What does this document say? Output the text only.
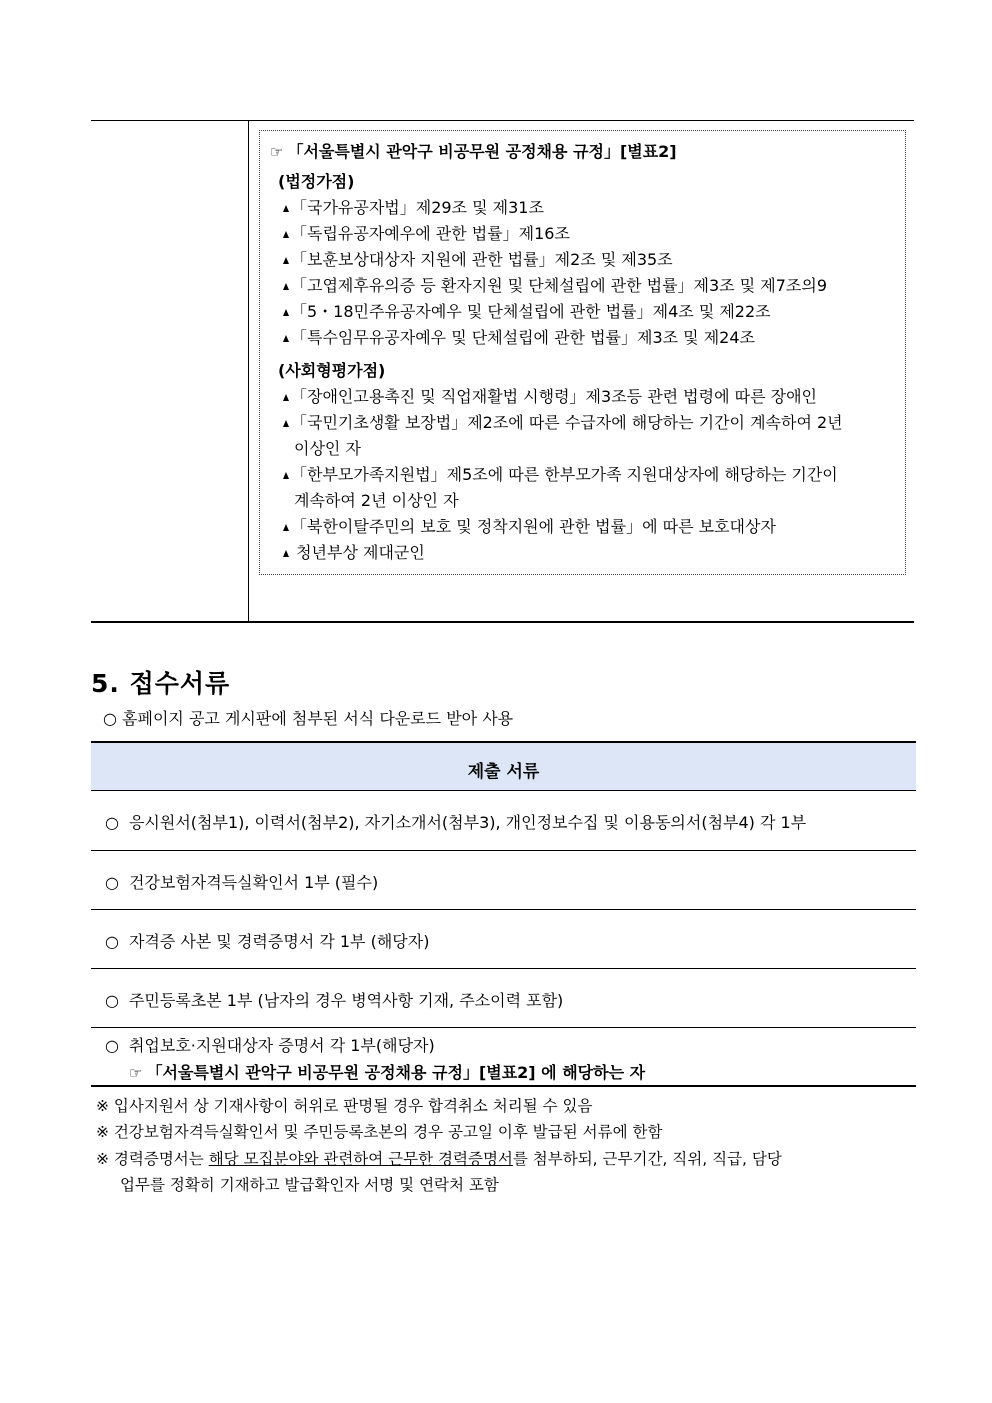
☞ 「서울특별시 관악구 비공무원 공정채용 규정」[별표2]
(법정가점)
「국가유공자법」제29조 및 제31조
「독립유공자예우에 관한 법률」제16조
「보훈보상대상자 지원에 관한 법률」제2조 및 제35조
「고엽제후유의증 등 환자지원 및 단체설립에 관한 법률」제3조 및 제7조의9
「5・18민주유공자예우 및 단체설립에 관한 법률」제4조 및 제22조
「특수임무유공자예우 및 단체설립에 관한 법률」제3조 및 제24조
(사회형평가점)
「장애인고용촉진 및 직업재활법 시행령」제3조등 관련 법령에 따른 장애인
「국민기초생활 보장법」제2조에 따른 수급자에 해당하는 기간이 계속하여 2년
이상인 자
「한부모가족지원법」제5조에 따른 한부모가족 지원대상자에 해당하는 기간이
계속하여 2년 이상인 자
「북한이탈주민의 보호 및 정착지원에 관한 법률」에 따른 보호대상자
청년부상 제대군인
5. 접수서류
○ 홈페이지 공고 게시판에 첨부된 서식 다운로드 받아 사용
제출 서류
○ 응시원서(첨부1), 이력서(첨부2), 자기소개서(첨부3), 개인정보수집 및 이용동의서(첨부4) 각 1부
○ 건강보험자격득실확인서 1부 (필수)
○ 자격증 사본 및 경력증명서 각 1부 (해당자)
○ 주민등록초본 1부 (남자의 경우 병역사항 기재, 주소이력 포함)
○ 취업보호·지원대상자 증명서 각 1부(해당자)
☞ 「서울특별시 관악구 비공무원 공정채용 규정」[별표2] 에 해당하는 자
※ 입사지원서 상 기재사항이 허위로 판명될 경우 합격취소 처리될 수 있음
※ 건강보험자격득실확인서 및 주민등록초본의 경우 공고일 이후 발급된 서류에 한함
※ 경력증명서는 해당 모집분야와 관련하여 근무한 경력증명서를 첨부하되, 근무기간, 직위, 직급, 담당
업무를 정확히 기재하고 발급확인자 서명 및 연락처 포함
